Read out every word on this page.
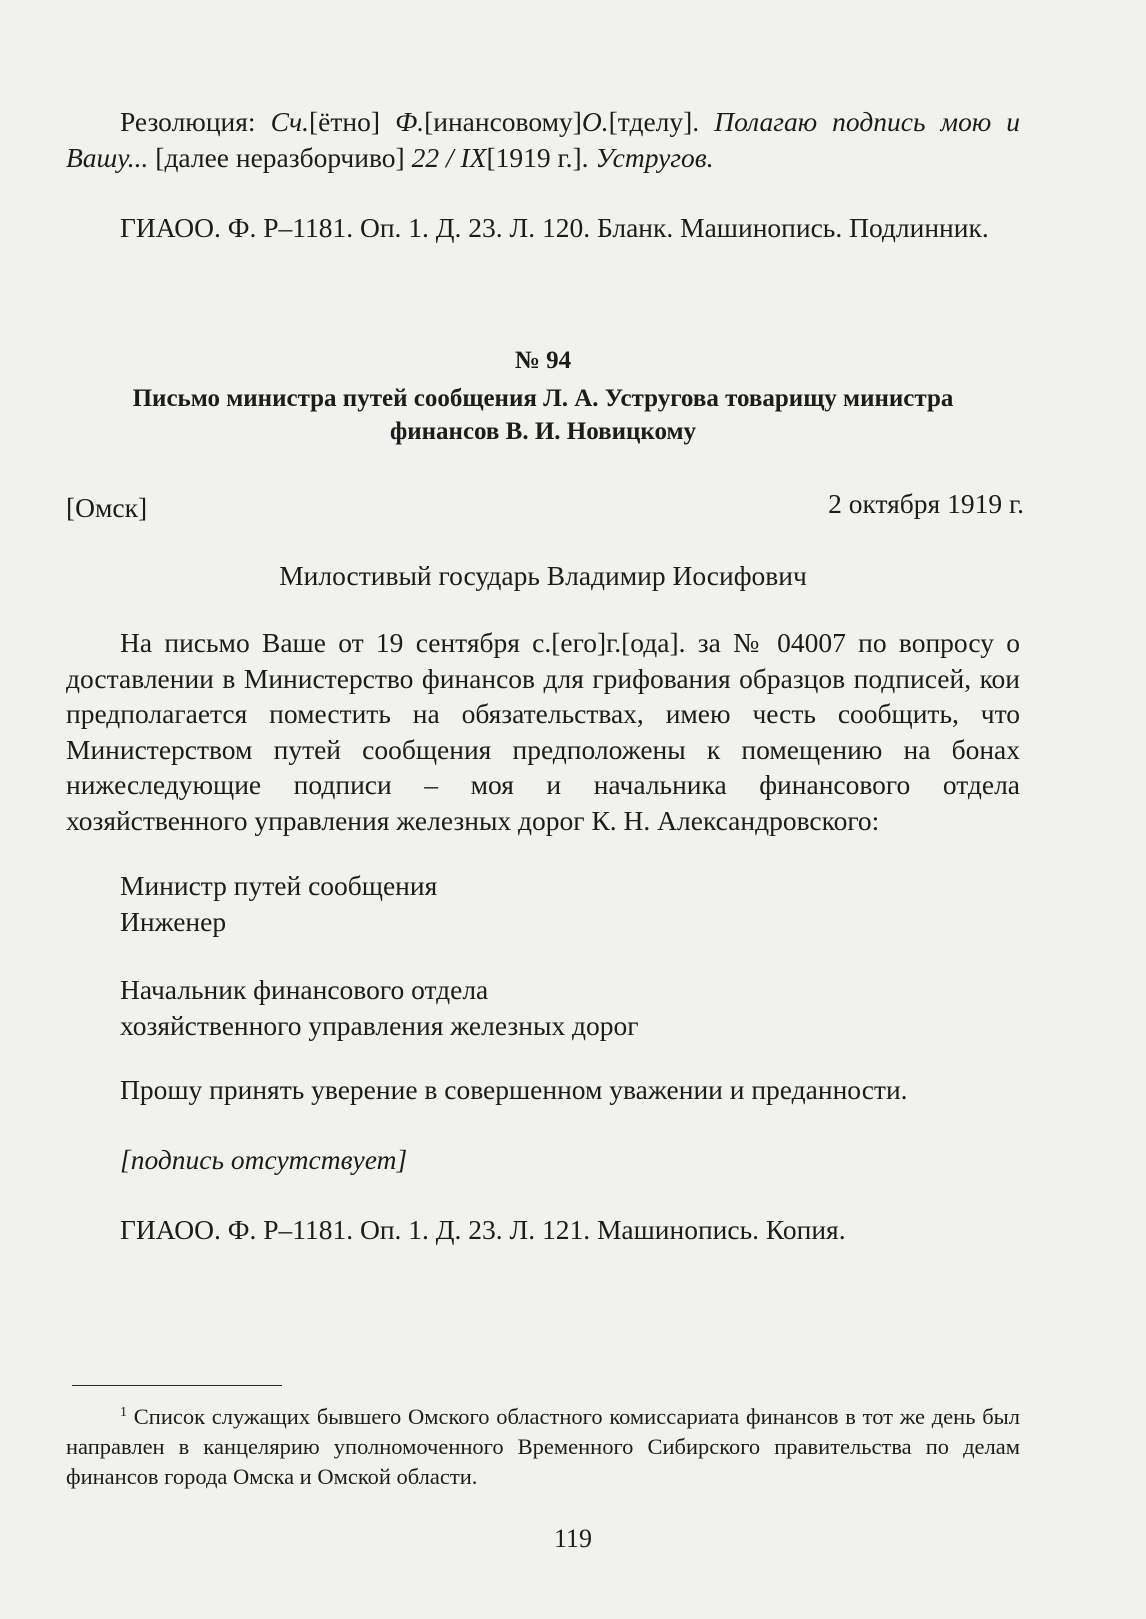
Резолюция: Сч.[ётно] Ф.[инансовому]О.[тделу]. Полагаю подпись мою и Вашу... [далее неразборчиво] 22 / IX[1919 г.]. Устругов.

ГИАОО. Ф. Р–1181. Оп. 1. Д. 23. Л. 120. Бланк. Машинопись. Подлинник.

№ 94

Письмо министра путей сообщения Л. А. Устругова товарищу министра
финансов В. И. Новицкому

[Омск]	2 октября 1919 г.

Милостивый государь Владимир Иосифович

На письмо Ваше от 19 сентября с.[его]г.[ода]. за № 04007 по вопросу о доставлении в Министерство финансов для грифования образцов подписей, кои предполагается поместить на обязательствах, имею честь сообщить, что Министерством путей сообщения предположены к помещению на бонах нижеследующие подписи – моя и начальника финансового отдела хозяйственного управления железных дорог К. Н. Александровского:

Министр путей сообщения
Инженер

Начальник финансового отдела
хозяйственного управления железных дорог

Прошу принять уверение в совершенном уважении и преданности.

[подпись отсутствует]

ГИАОО. Ф. Р–1181. Оп. 1. Д. 23. Л. 121. Машинопись. Копия.

$^1$ Список служащих бывшего Омского областного комиссариата финансов в тот же день был направлен в канцелярию уполномоченного Временного Сибирского правительства по делам финансов города Омска и Омской области.

119
